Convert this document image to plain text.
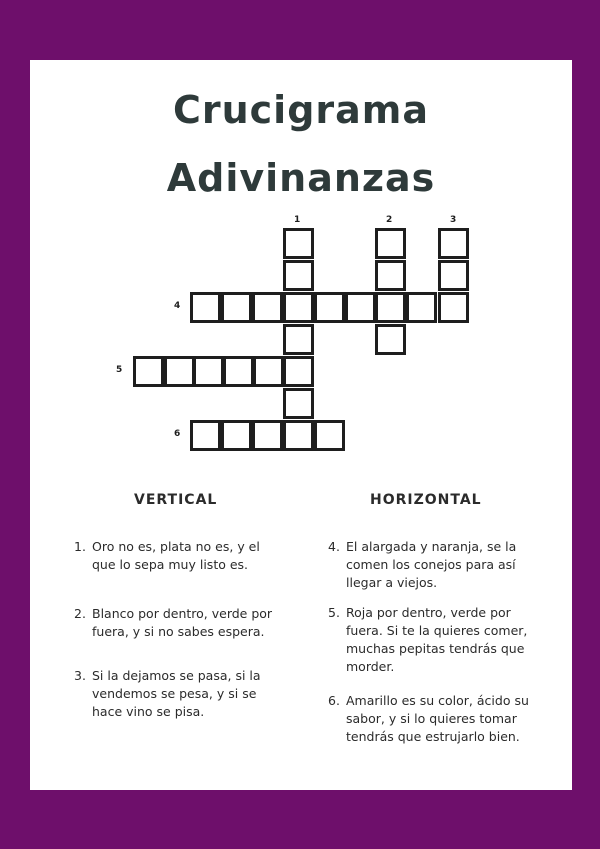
Crucigrama
Adivinanzas
1	2	3
4
5
6
VERTICAL	HORIZONTAL
1. Oro no es, plata no es, y el
que lo sepa muy listo es.
2. Blanco por dentro, verde por
fuera, y si no sabes espera.
3. Si la dejamos se pasa, si la
vendemos se pesa, y si se
hace vino se pisa.
4. El alargada y naranja, se la
comen los conejos para así
llegar a viejos.
5. Roja por dentro, verde por
fuera. Si te la quieres comer,
muchas pepitas tendrás que
morder.
6. Amarillo es su color, ácido su
sabor, y si lo quieres tomar
tendrás que estrujarlo bien.
